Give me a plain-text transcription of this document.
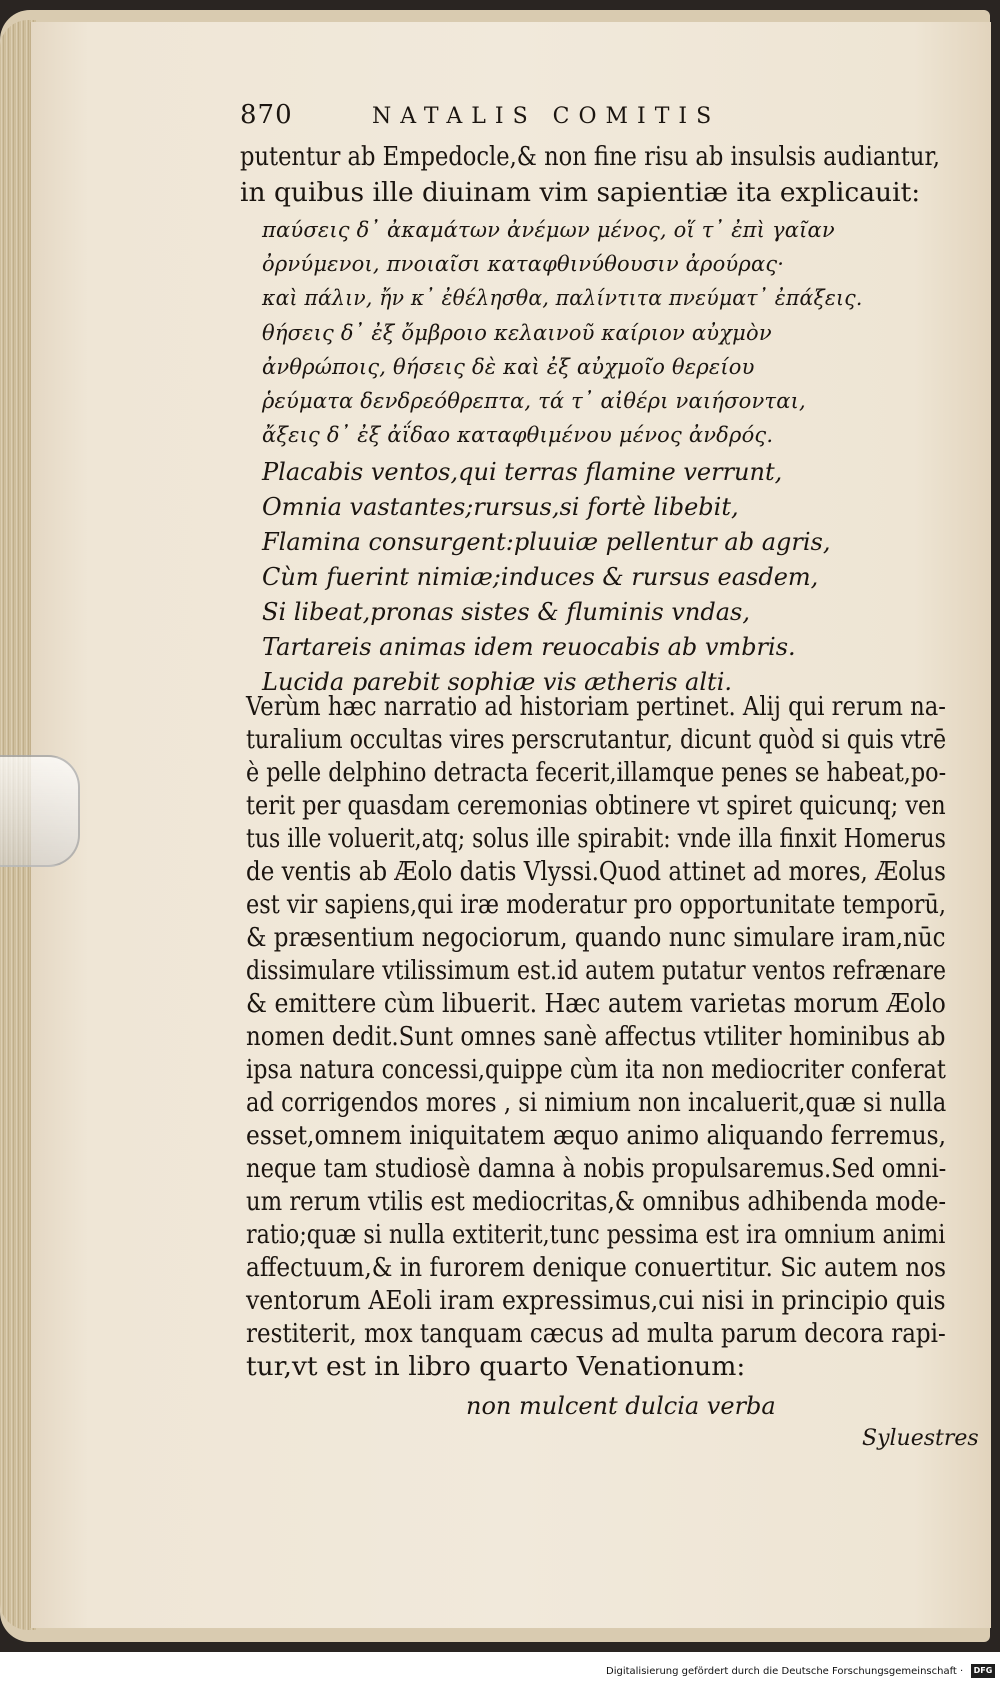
870	NATALIS COMITIS
putentur ab Empedocle,& non fine risu ab insulsis audiantur,
in quibus ille diuinam vim sapientiæ ita explicauit:
παύσεις δ᾽ ἀκαμάτων ἀνέμων μένος, οἵ τ᾽ ἐπὶ γαῖαν
ὀρνύμενοι, πνοιαῖσι καταφθινύθουσιν ἀρούρας·
καὶ πάλιν, ἤν κ᾽ ἐθέλησθα, παλίντιτα πνεύματ᾽ ἐπάξεις.
θήσεις δ᾽ ἐξ ὄμβροιο κελαινοῦ καίριον αὐχμὸν
ἀνθρώποις, θήσεις δὲ καὶ ἐξ αὐχμοῖο θερείου
ῥεύματα δενδρεόθρεπτα, τά τ᾽ αἰθέρι ναιήσονται,
ἄξεις δ᾽ ἐξ ἀΐδαο καταφθιμένου μένος ἀνδρός.
Placabis ventos,qui terras flamine verrunt,
Omnia vastantes;rursus,si fortè libebit,
Flamina consurgent:pluuiæ pellentur ab agris,
Cùm fuerint nimiæ;induces & rursus easdem,
Si libeat,pronas sistes & fluminis vndas,
Tartareis animas idem reuocabis ab vmbris.
Lucida parebit sophiæ vis ætheris alti.
Verùm hæc narratio ad historiam pertinet. Alij qui rerum na-
turalium occultas vires perscrutantur, dicunt quòd si quis vtrē
è pelle delphino detracta fecerit,illamque penes se habeat,po-
terit per quasdam ceremonias obtinere vt spiret quicunq; ven
tus ille voluerit,atq; solus ille spirabit: vnde illa finxit Homerus
de ventis ab Æolo datis Vlyssi.Quod attinet ad mores, Æolus
est vir sapiens,qui iræ moderatur pro opportunitate temporū,
& præsentium negociorum, quando nunc simulare iram,nūc
dissimulare vtilissimum est.id autem putatur ventos refrænare
& emittere cùm libuerit. Hæc autem varietas morum Æolo
nomen dedit.Sunt omnes sanè affectus vtiliter hominibus ab
ipsa natura concessi,quippe cùm ita non mediocriter conferat
ad corrigendos mores , si nimium non incaluerit,quæ si nulla
esset,omnem iniquitatem æquo animo aliquando ferremus,
neque tam studiosè damna à nobis propulsaremus.Sed omni-
um rerum vtilis est mediocritas,& omnibus adhibenda mode-
ratio;quæ si nulla extiterit,tunc pessima est ira omnium animi
affectuum,& in furorem denique conuertitur. Sic autem nos
ventorum AEoli iram expressimus,cui nisi in principio quis
restiterit, mox tanquam cæcus ad multa parum decora rapi-
tur,vt est in libro quarto Venationum:
non mulcent dulcia verba
Syluestres
Digitalisierung gefördert durch die Deutsche Forschungsgemeinschaft ·	DFG
